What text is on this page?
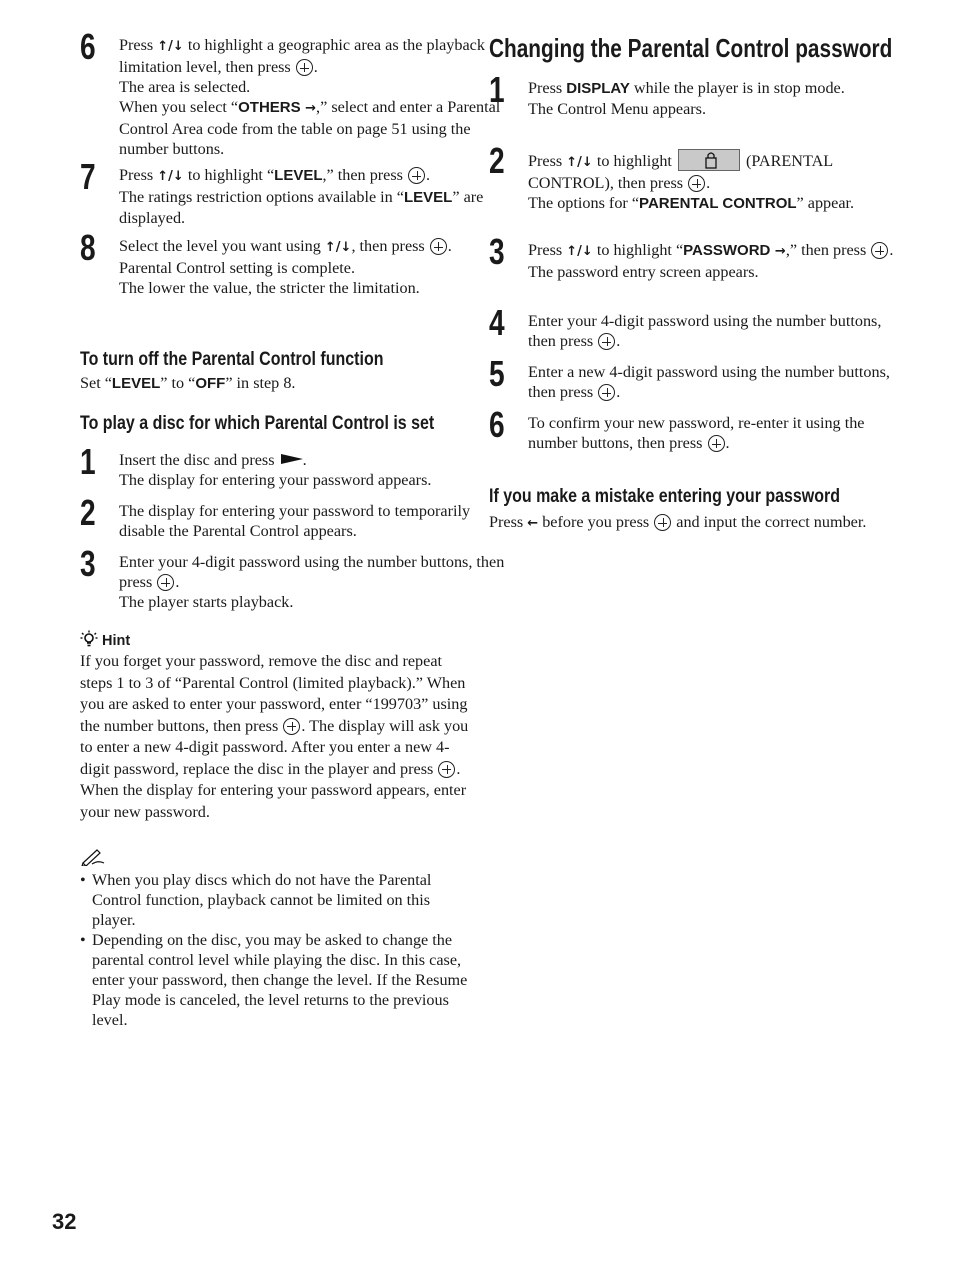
6 Press ↑/↓ to highlight a geographic area as the playback limitation level, then press .

The area is selected.

When you select “OTHERS →,” select and enter a Parental Control Area code from the table on page 51 using the number buttons.

7 Press ↑/↓ to highlight “LEVEL,” then press .

The ratings restriction options available in “LEVEL” are displayed.

8 Select the level you want using ↑/↓, then press .

Parental Control setting is complete.

The lower the value, the stricter the limitation.

To turn off the Parental Control function

Set “LEVEL” to “OFF” in step 8.

To play a disc for which Parental Control is set
1 Insert the disc and press .

The display for entering your password appears.

2 The display for entering your password to temporarily disable the Parental Control appears.

3 Enter your 4-digit password using the number buttons, then press .

The player starts playback.

Hint

If you forget your password, remove the disc and repeat steps 1 to 3 of “Parental Control (limited playback).” When you are asked to enter your password, enter “199703” using the number buttons, then press . The display will ask you to enter a new 4-digit password. After you enter a new 4-digit password, replace the disc in the player and press . When the display for entering your password appears, enter your new password.

• When you play discs which do not have the Parental Control function, playback cannot be limited on this player.
• Depending on the disc, you may be asked to change the parental control level while playing the disc. In this case, enter your password, then change the level. If the Resume Play mode is canceled, the level returns to the previous level.
Changing the Parental Control password
1 Press DISPLAY while the player is in stop mode.

The Control Menu appears.

2 Press ↑/↓ to highlight	(PARENTAL CONTROL), then press .

The options for “PARENTAL CONTROL” appear.

3 Press ↑/↓ to highlight “PASSWORD →,” then press .

The password entry screen appears.

4 Enter your 4-digit password using the number buttons, then press .

5 Enter a new 4-digit password using the number buttons, then press .

6 To confirm your new password, re-enter it using the number buttons, then press .

If you make a mistake entering your password

Press ← before you press  and input the correct number.

32
